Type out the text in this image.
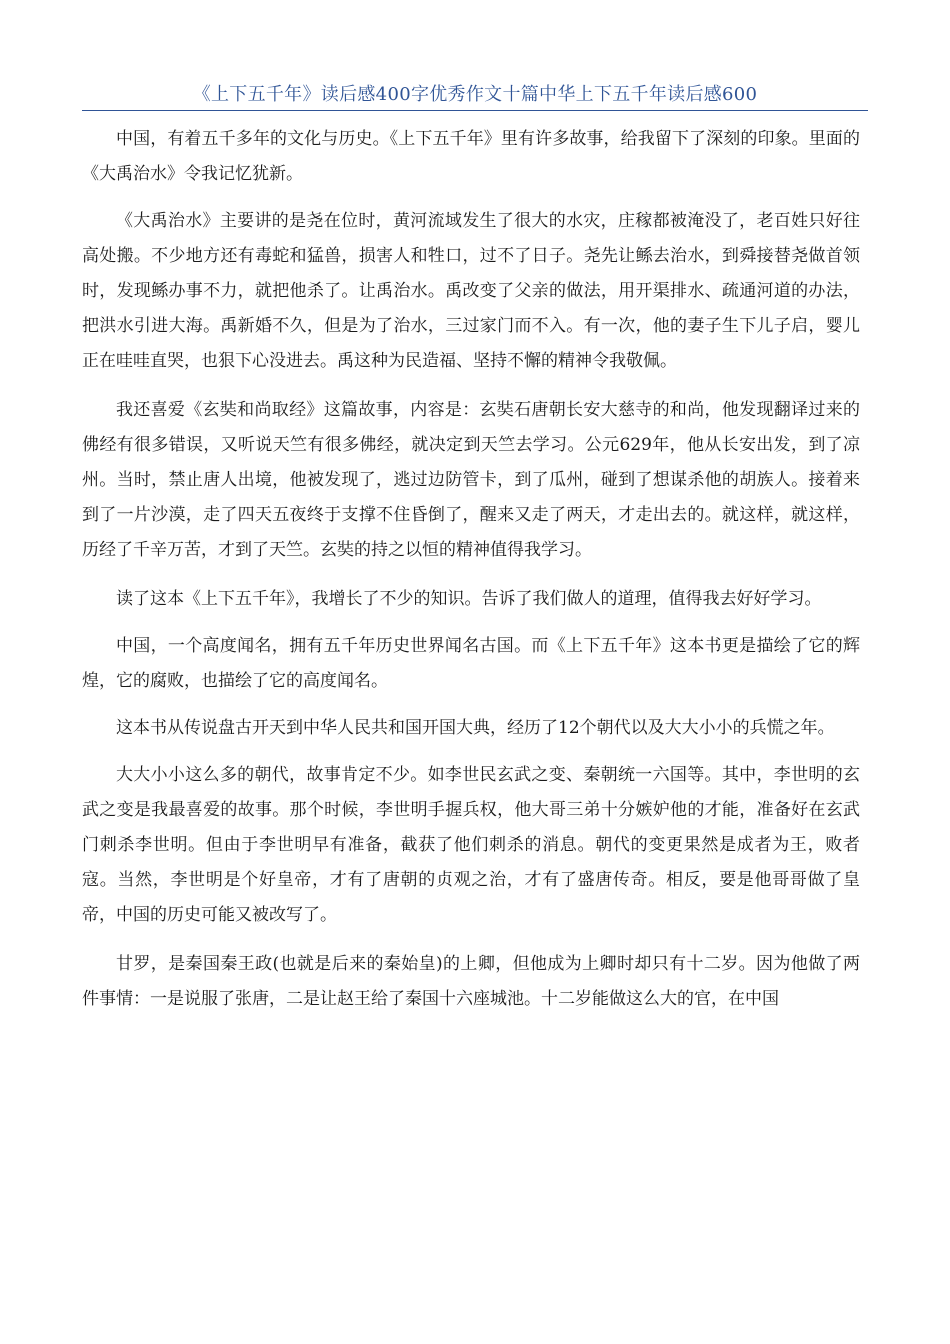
《上下五千年》读后感400字优秀作文十篇中华上下五千年读后感600

中国，有着五千多年的文化与历史。《上下五千年》里有许多故事，给我留下了深刻的印象。里面的《大禹治水》令我记忆犹新。

《大禹治水》主要讲的是尧在位时，黄河流域发生了很大的水灾，庄稼都被淹没了，老百姓只好往高处搬。不少地方还有毒蛇和猛兽，损害人和牲口，过不了日子。尧先让鲧去治水，到舜接替尧做首领时，发现鲧办事不力，就把他杀了。让禹治水。禹改变了父亲的做法，用开渠排水、疏通河道的办法，把洪水引进大海。禹新婚不久，但是为了治水，三过家门而不入。有一次，他的妻子生下儿子启，婴儿正在哇哇直哭，也狠下心没进去。禹这种为民造福、坚持不懈的精神令我敬佩。

我还喜爱《玄奘和尚取经》这篇故事，内容是：玄奘石唐朝长安大慈寺的和尚，他发现翻译过来的佛经有很多错误，又听说天竺有很多佛经，就决定到天竺去学习。公元629年，他从长安出发，到了凉州。当时，禁止唐人出境，他被发现了，逃过边防管卡，到了瓜州，碰到了想谋杀他的胡族人。接着来到了一片沙漠，走了四天五夜终于支撑不住昏倒了，醒来又走了两天，才走出去的。就这样，就这样，历经了千辛万苦，才到了天竺。玄奘的持之以恒的精神值得我学习。

读了这本《上下五千年》，我增长了不少的知识。告诉了我们做人的道理，值得我去好好学习。

中国，一个高度闻名，拥有五千年历史世界闻名古国。而《上下五千年》这本书更是描绘了它的辉煌，它的腐败，也描绘了它的高度闻名。

这本书从传说盘古开天到中华人民共和国开国大典，经历了12个朝代以及大大小小的兵慌之年。

大大小小这么多的朝代，故事肯定不少。如李世民玄武之变、秦朝统一六国等。其中，李世明的玄武之变是我最喜爱的故事。那个时候，李世明手握兵权，他大哥三弟十分嫉妒他的才能，准备好在玄武门刺杀李世明。但由于李世明早有准备，截获了他们刺杀的消息。朝代的变更果然是成者为王，败者寇。当然，李世明是个好皇帝，才有了唐朝的贞观之治，才有了盛唐传奇。相反，要是他哥哥做了皇帝，中国的历史可能又被改写了。

甘罗，是秦国秦王政(也就是后来的秦始皇)的上卿，但他成为上卿时却只有十二岁。因为他做了两件事情：一是说服了张唐，二是让赵王给了秦国十六座城池。十二岁能做这么大的官，在中国
